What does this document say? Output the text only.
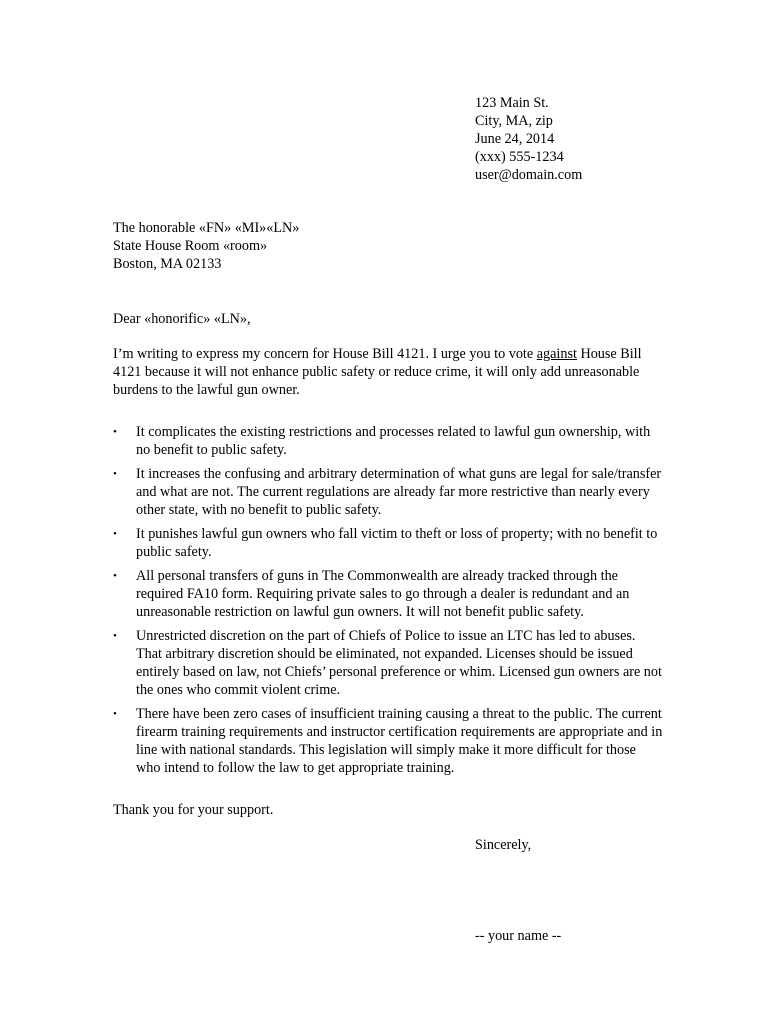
123 Main St.
City, MA, zip
June 24, 2014
(xxx) 555-1234
user@domain.com
The honorable «FN» «MI»«LN»
State House Room «room»
Boston, MA 02133
Dear «honorific» «LN»,

I’m writing to express my concern for House Bill 4121. I urge you to vote against House Bill 4121 because it will not enhance public safety or reduce crime, it will only add unreasonable burdens to the lawful gun owner.

• It complicates the existing restrictions and processes related to lawful gun ownership, with no benefit to public safety.
• It increases the confusing and arbitrary determination of what guns are legal for sale/transfer and what are not. The current regulations are already far more restrictive than nearly every other state, with no benefit to public safety.
• It punishes lawful gun owners who fall victim to theft or loss of property; with no benefit to public safety.
• All personal transfers of guns in The Commonwealth are already tracked through the required FA10 form. Requiring private sales to go through a dealer is redundant and an unreasonable restriction on lawful gun owners. It will not benefit public safety.
• Unrestricted discretion on the part of Chiefs of Police to issue an LTC has led to abuses. That arbitrary discretion should be eliminated, not expanded. Licenses should be issued entirely based on law, not Chiefs’ personal preference or whim. Licensed gun owners are not the ones who commit violent crime.
• There have been zero cases of insufficient training causing a threat to the public. The current firearm training requirements and instructor certification requirements are appropriate and in line with national standards. This legislation will simply make it more difficult for those who intend to follow the law to get appropriate training.
Thank you for your support.
Sincerely,
-- your name --
